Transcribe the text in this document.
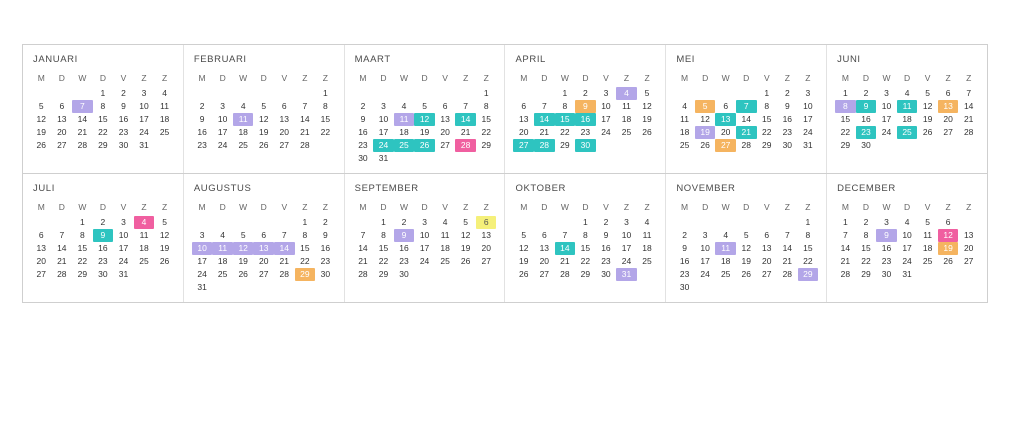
JANUARI
M	D	W	D	V	Z	Z

			1	2	3	4

5	6	7	8	9	10	11

12	13	14	15	16	17	18

19	20	21	22	23	24	25

26	27	28	29	30	31	

FEBRUARI
M	D	W	D	V	Z	Z

						1

2	3	4	5	6	7	8

9	10	11	12	13	14	15

16	17	18	19	20	21	22

23	24	25	26	27	28	

MAART
M	D	W	D	V	Z	Z

						1

2	3	4	5	6	7	8

9	10	11	12	13	14	15

16	17	18	19	20	21	22

23	24	25	26	27	28	29

30	31					

APRIL
M	D	W	D	V	Z	Z

		1	2	3	4	5

6	7	8	9	10	11	12

13	14	15	16	17	18	19

20	21	22	23	24	25	26

27	28	29	30			

MEI
M	D	W	D	V	Z	Z

				1	2	3

4	5	6	7	8	9	10

11	12	13	14	15	16	17

18	19	20	21	22	23	24

25	26	27	28	29	30	31
JUNI
M	D	W	D	V	Z	Z

1	2	3	4	5	6	7

8	9	10	11	12	13	14

15	16	17	18	19	20	21

22	23	24	25	26	27	28

29	30					

JULI
M	D	W	D	V	Z	Z

		1	2	3	4	5

6	7	8	9	10	11	12

13	14	15	16	17	18	19

20	21	22	23	24	25	26

27	28	29	30	31		

AUGUSTUS
M	D	W	D	V	Z	Z

					1	2

3	4	5	6	7	8	9

10	11	12	13	14	15	16

17	18	19	20	21	22	23

24	25	26	27	28	29	30

31						

SEPTEMBER
M	D	W	D	V	Z	Z

	1	2	3	4	5	6

7	8	9	10	11	12	13

14	15	16	17	18	19	20

21	22	23	24	25	26	27

28	29	30				

OKTOBER
M	D	W	D	V	Z	Z

			1	2	3	4

5	6	7	8	9	10	11

12	13	14	15	16	17	18

19	20	21	22	23	24	25

26	27	28	29	30	31	

NOVEMBER
M	D	W	D	V	Z	Z

						1

2	3	4	5	6	7	8

9	10	11	12	13	14	15

16	17	18	19	20	21	22

23	24	25	26	27	28	29

30						

DECEMBER
M	D	W	D	V	Z	Z

1	2	3	4	5	6	

7	8	9	10	11	12	13

14	15	16	17	18	19	20

21	22	23	24	25	26	27

28	29	30	31			
